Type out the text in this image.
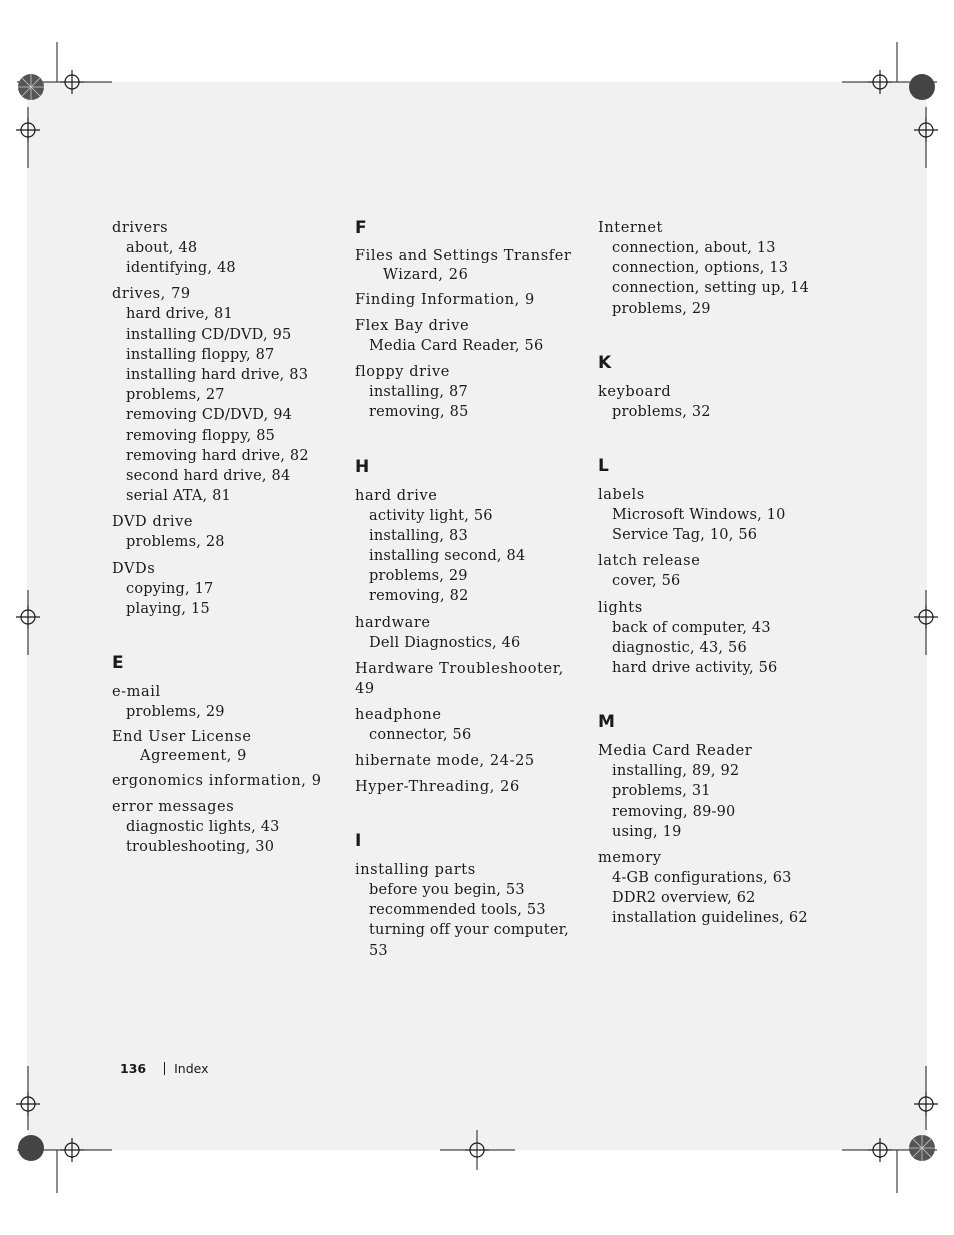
drivers
about, 48
identifying, 48
drives, 79
hard drive, 81
installing CD/DVD, 95
installing floppy, 87
installing hard drive, 83
problems, 27
removing CD/DVD, 94
removing floppy, 85
removing hard drive, 82
second hard drive, 84
serial ATA, 81
DVD drive
problems, 28
DVDs
copying, 17
playing, 15
E
e-mail
problems, 29
End User License
Agreement, 9
ergonomics information, 9
error messages
diagnostic lights, 43
troubleshooting, 30
F
Files and Settings Transfer
Wizard, 26
Finding Information, 9
Flex Bay drive
Media Card Reader, 56
floppy drive
installing, 87
removing, 85
H
hard drive
activity light, 56
installing, 83
installing second, 84
problems, 29
removing, 82
hardware
Dell Diagnostics, 46
Hardware Troubleshooter, 49
headphone
connector, 56
hibernate mode, 24-25
Hyper-Threading, 26
I
installing parts
before you begin, 53
recommended tools, 53
turning off your computer, 53
Internet
connection, about, 13
connection, options, 13
connection, setting up, 14
problems, 29
K
keyboard
problems, 32
L
labels
Microsoft Windows, 10
Service Tag, 10, 56
latch release
cover, 56
lights
back of computer, 43
diagnostic, 43, 56
hard drive activity, 56
M
Media Card Reader
installing, 89, 92
problems, 31
removing, 89-90
using, 19
memory
4-GB configurations, 63
DDR2 overview, 62
installation guidelines, 62
136 Index
